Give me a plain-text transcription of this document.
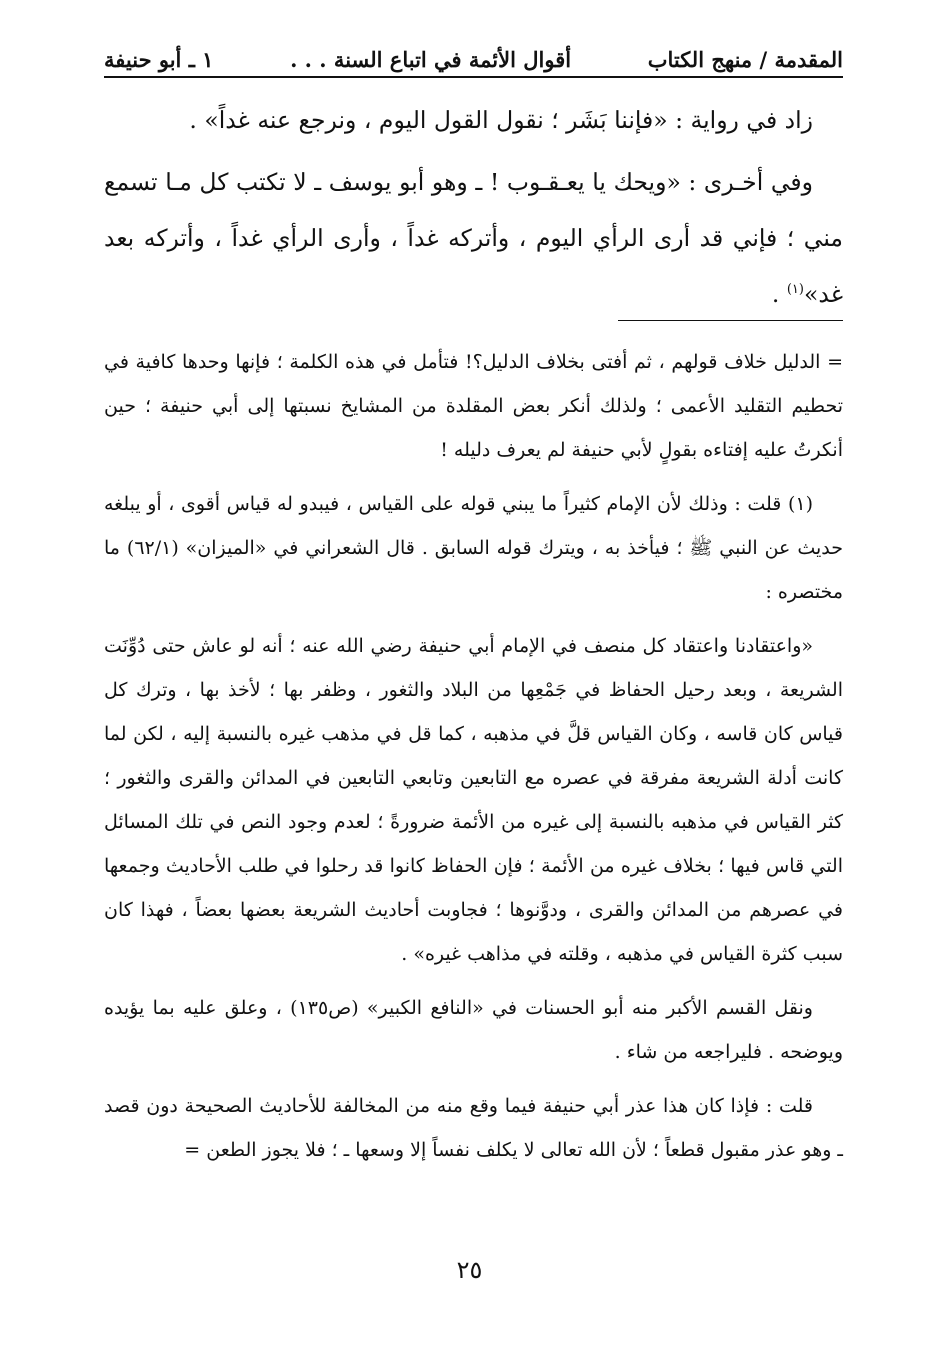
المقدمة / منهج الكتاب
أقوال الأئمة في اتباع السنة . . .
١ ـ أبو حنيفة

زاد في رواية : «فإننا بَشَر ؛ نقول القول اليوم ، ونرجع عنه غداً» .

وفي أخـرى : «ويحك يا يعـقـوب ! ـ وهو أبو يوسف ـ لا تكتب كل مـا تسمع مني ؛ فإني قد أرى الرأي اليوم ، وأتركه غداً ، وأرى الرأي غداً ، وأتركه بعد غد»$^{(١)}$ .

= الدليل خلاف قولهم ، ثم أفتى بخلاف الدليل؟! فتأمل في هذه الكلمة ؛ فإنها وحدها كافية في تحطيم التقليد الأعمى ؛ ولذلك أنكر بعض المقلدة من المشايخ نسبتها إلى أبي حنيفة ؛ حين أنكرتُ عليه إفتاءه بقولٍ لأبي حنيفة لم يعرف دليله !

(١) قلت : وذلك لأن الإمام كثيراً ما يبني قوله على القياس ، فيبدو له قياس أقوى ، أو يبلغه حديث عن النبي ﷺ ؛ فيأخذ به ، ويترك قوله السابق . قال الشعراني في «الميزان» (٦٢/١) ما مختصره :

«واعتقادنا واعتقاد كل منصف في الإمام أبي حنيفة رضي الله عنه ؛ أنه لو عاش حتى دُوِّنَت الشريعة ، وبعد رحيل الحفاظ في جَمْعِها من البلاد والثغور ، وظفر بها ؛ لأخذ بها ، وترك كل قياس كان قاسه ، وكان القياس قلَّ في مذهبه ، كما قل في مذهب غيره بالنسبة إليه ، لكن لما كانت أدلة الشريعة مفرقة في عصره مع التابعين وتابعي التابعين في المدائن والقرى والثغور ؛ كثر القياس في مذهبه بالنسبة إلى غيره من الأئمة ضرورةً ؛ لعدم وجود النص في تلك المسائل التي قاس فيها ؛ بخلاف غيره من الأئمة ؛ فإن الحفاظ كانوا قد رحلوا في طلب الأحاديث وجمعها في عصرهم من المدائن والقرى ، ودوَّنوها ؛ فجاوبت أحاديث الشريعة بعضها بعضاً ، فهذا كان سبب كثرة القياس في مذهبه ، وقلته في مذاهب غيره» .

ونقل القسم الأكبر منه أبو الحسنات في «النافع الكبير» (ص١٣٥) ، وعلق عليه بما يؤيده ويوضحه . فليراجعه من شاء .

قلت : فإذا كان هذا عذر أبي حنيفة فيما وقع منه من المخالفة للأحاديث الصحيحة دون قصد ـ وهو عذر مقبول قطعاً ؛ لأن الله تعالى لا يكلف نفساً إلا وسعها ـ ؛ فلا يجوز الطعن =

٢٥
